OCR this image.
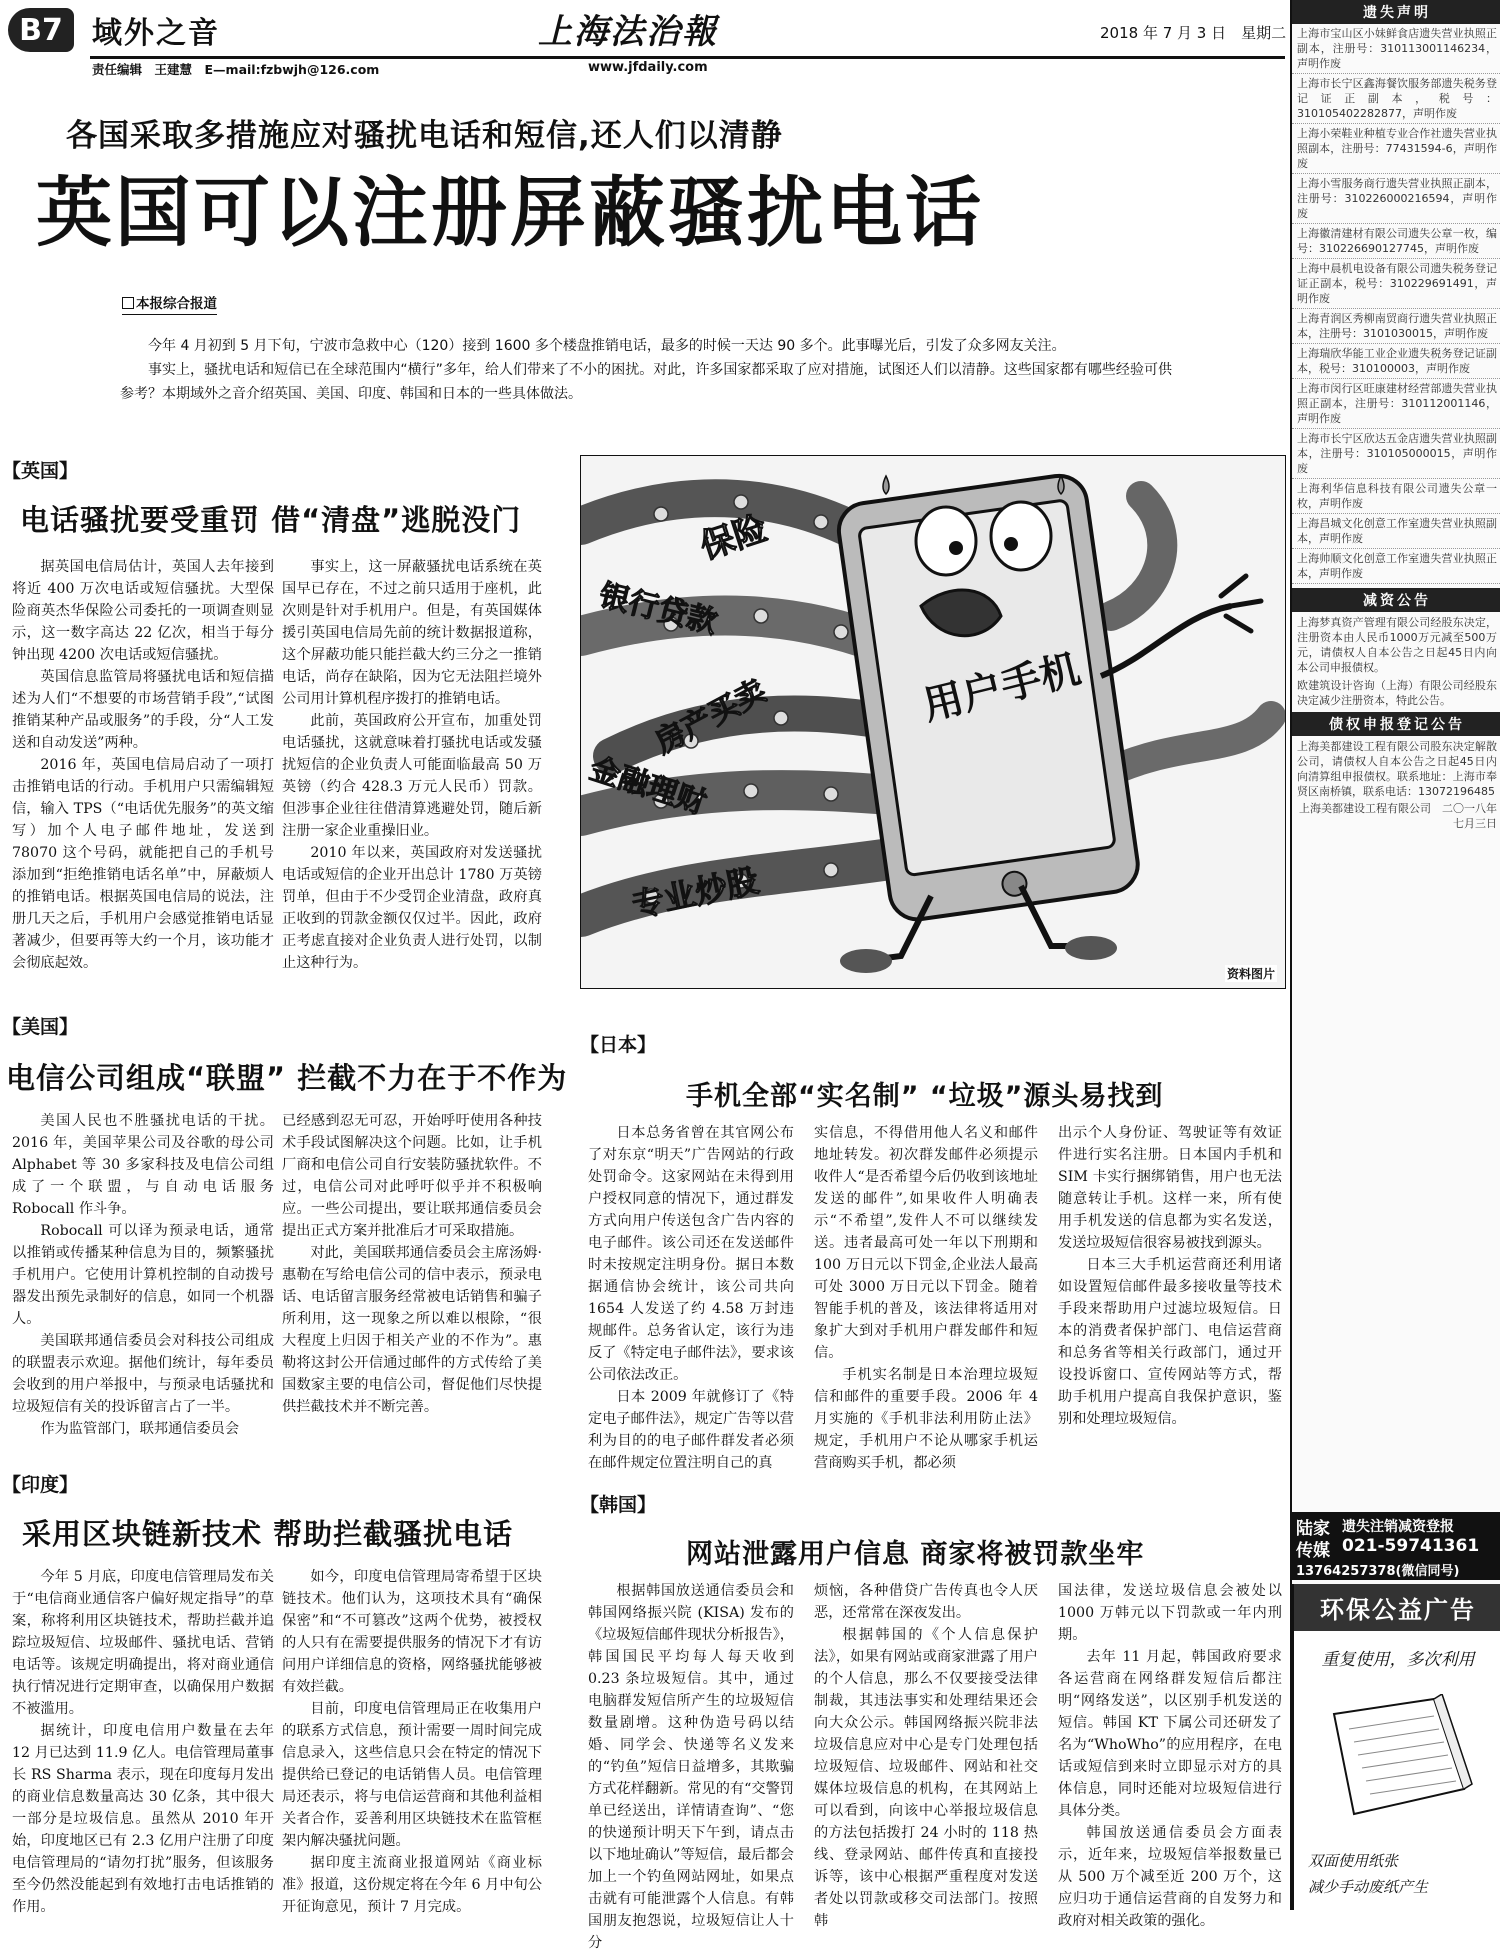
B7 域外之音	上海法治報	2018 年 7 月 3 日　星期二
责任编辑　王建慧　E—mail:fzbwjh@126.com	www.jfdaily.com
各国采取多措施应对骚扰电话和短信,还人们以清静
英国可以注册屏蔽骚扰电话
本报综合报道

今年 4 月初到 5 月下旬，宁波市急救中心（120）接到 1600 多个楼盘推销电话，最多的时候一天达 90 多个。此事曝光后，引发了众多网友关注。

事实上，骚扰电话和短信已在全球范围内“横行”多年，给人们带来了不小的困扰。对此，许多国家都采取了应对措施，试图还人们以清静。这些国家都有哪些经验可供参考？本期域外之音介绍英国、美国、印度、韩国和日本的一些具体做法。

【英国】
电话骚扰要受重罚 借“清盘”逃脱没门

据英国电信局估计，英国人去年接到将近 400 万次电话或短信骚扰。大型保险商英杰华保险公司委托的一项调查则显示，这一数字高达 22 亿次，相当于每分钟出现 4200 次电话或短信骚扰。

英国信息监管局将骚扰电话和短信描述为人们“不想要的市场营销手段”,“试图推销某种产品或服务”的手段，分“人工发送和自动发送”两种。

2016 年，英国电信局启动了一项打击推销电话的行动。手机用户只需编辑短信，输入 TPS（“电话优先服务”的英文缩写）加个人电子邮件地址，发送到 78070 这个号码，就能把自己的手机号添加到“拒绝推销电话名单”中，屏蔽烦人的推销电话。根据英国电信局的说法，注册几天之后，手机用户会感觉推销电话显著减少，但要再等大约一个月，该功能才会彻底起效。

事实上，这一屏蔽骚扰电话系统在英国早已存在，不过之前只适用于座机，此次则是针对手机用户。但是，有英国媒体援引英国电信局先前的统计数据报道称，这个屏蔽功能只能拦截大约三分之一推销电话，尚存在缺陷，因为它无法阻拦境外公司用计算机程序拨打的推销电话。

此前，英国政府公开宣布，加重处罚电话骚扰，这就意味着打骚扰电话或发骚扰短信的企业负责人可能面临最高 50 万英镑（约合 428.3 万元人民币）罚款。但涉事企业往往借清算逃避处罚，随后新注册一家企业重操旧业。

2010 年以来，英国政府对发送骚扰电话或短信的企业开出总计 1780 万英镑罚单，但由于不少受罚企业清盘，政府真正收到的罚款金额仅仅过半。因此，政府正考虑直接对企业负责人进行处罚，以制止这种行为。

保险
银行贷款
房产买卖
金融理财
专业炒股
用户手机
资料图片
【美国】
电信公司组成“联盟” 拦截不力在于不作为

美国人民也不胜骚扰电话的干扰。2016 年，美国苹果公司及谷歌的母公司 Alphabet 等 30 多家科技及电信公司组成了一个联盟，与自动电话服务 Robocall 作斗争。

Robocall 可以译为预录电话，通常以推销或传播某种信息为目的，频繁骚扰手机用户。它使用计算机控制的自动拨号器发出预先录制好的信息，如同一个机器人。

美国联邦通信委员会对科技公司组成的联盟表示欢迎。据他们统计，每年委员会收到的用户举报中，与预录电话骚扰和垃圾短信有关的投诉留言占了一半。

作为监管部门，联邦通信委员会

已经感到忍无可忍，开始呼吁使用各种技术手段试图解决这个问题。比如，让手机厂商和电信公司自行安装防骚扰软件。不过，电信公司对此呼吁似乎并不积极响应。一些公司提出，要让联邦通信委员会提出正式方案并批准后才可采取措施。

对此，美国联邦通信委员会主席汤姆·惠勒在写给电信公司的信中表示，预录电话、电话留言服务经常被电话销售和骗子所利用，这一现象之所以难以根除，“很大程度上归因于相关产业的不作为”。惠勒将这封公开信通过邮件的方式传给了美国数家主要的电信公司，督促他们尽快提供拦截技术并不断完善。

【日本】
手机全部“实名制” “垃圾”源头易找到

日本总务省曾在其官网公布了对东京“明天”广告网站的行政处罚命令。这家网站在未得到用户授权同意的情况下，通过群发方式向用户传送包含广告内容的电子邮件。该公司还在发送邮件时未按规定注明身份。据日本数据通信协会统计，该公司共向 1654 人发送了约 4.58 万封违规邮件。总务省认定，该行为违反了《特定电子邮件法》，要求该公司依法改正。

日本 2009 年就修订了《特定电子邮件法》，规定广告等以营利为目的的电子邮件群发者必须在邮件规定位置注明自己的真

实信息，不得借用他人名义和邮件地址转发。初次群发邮件必须提示收件人“是否希望今后仍收到该地址发送的邮件”,如果收件人明确表示“不希望”,发件人不可以继续发送。违者最高可处一年以下刑期和 100 万日元以下罚金,企业法人最高可处 3000 万日元以下罚金。随着智能手机的普及，该法律将适用对象扩大到对手机用户群发邮件和短信。

手机实名制是日本治理垃圾短信和邮件的重要手段。2006 年 4 月实施的《手机非法利用防止法》规定，手机用户不论从哪家手机运营商购买手机，都必须

出示个人身份证、驾驶证等有效证件进行实名注册。日本国内手机和 SIM 卡实行捆绑销售，用户也无法随意转让手机。这样一来，所有使用手机发送的信息都为实名发送，发送垃圾短信很容易被找到源头。

日本三大手机运营商还利用诸如设置短信邮件最多接收量等技术手段来帮助用户过滤垃圾短信。日本的消费者保护部门、电信运营商和总务省等相关行政部门，通过开设投诉窗口、宣传网站等方式，帮助手机用户提高自我保护意识，鉴别和处理垃圾短信。

【印度】
采用区块链新技术 帮助拦截骚扰电话

今年 5 月底，印度电信管理局发布关于“电信商业通信客户偏好规定指导”的草案，称将利用区块链技术，帮助拦截并追踪垃圾短信、垃圾邮件、骚扰电话、营销电话等。该规定明确提出，将对商业通信执行情况进行定期审查，以确保用户数据不被滥用。

据统计，印度电信用户数量在去年 12 月已达到 11.9 亿人。电信管理局董事长 RS Sharma 表示，现在印度每月发出的商业信息数量高达 30 亿条，其中很大一部分是垃圾信息。虽然从 2010 年开始，印度地区已有 2.3 亿用户注册了印度电信管理局的“请勿打扰”服务，但该服务至今仍然没能起到有效地打击电话推销的作用。

如今，印度电信管理局寄希望于区块链技术。他们认为，这项技术具有“确保保密”和“不可篡改”这两个优势，被授权的人只有在需要提供服务的情况下才有访问用户详细信息的资格，网络骚扰能够被有效拦截。

目前，印度电信管理局正在收集用户的联系方式信息，预计需要一周时间完成信息录入，这些信息只会在特定的情况下提供给已登记的电话销售人员。电信管理局还表示，将与电信运营商和其他利益相关者合作，妥善利用区块链技术在监管框架内解决骚扰问题。

据印度主流商业报道网站《商业标准》报道，这份规定将在今年 6 月中旬公开征询意见，预计 7 月完成。

【韩国】
网站泄露用户信息 商家将被罚款坐牢

根据韩国放送通信委员会和韩国网络振兴院 (KISA) 发布的《垃圾短信邮件现状分析报告》，韩国国民平均每人每天收到 0.23 条垃圾短信。其中，通过电脑群发短信所产生的垃圾短信数量剧增。这种伪造号码以结婚、同学会、快递等名义发来的“钓鱼”短信日益增多，其欺骗方式花样翻新。常见的有“交警罚单已经送出，详情请查询”、“您的快递预计明天下午到，请点击以下地址确认”等短信，最后都会加上一个钓鱼网站网址，如果点击就有可能泄露个人信息。有韩国朋友抱怨说，垃圾短信让人十分

烦恼，各种借贷广告传真也令人厌恶，还常常在深夜发出。

根据韩国的《个人信息保护法》，如果有网站或商家泄露了用户的个人信息，那么不仅要接受法律制裁，其违法事实和处理结果还会向大众公示。韩国网络振兴院非法垃圾信息应对中心是专门处理包括垃圾短信、垃圾邮件、网站和社交媒体垃圾信息的机构，在其网站上可以看到，向该中心举报垃圾信息的方法包括拨打 24 小时的 118 热线、登录网站、邮件传真和直接投诉等，该中心根据严重程度对发送者处以罚款或移交司法部门。按照韩

国法律，发送垃圾信息会被处以 1000 万韩元以下罚款或一年内刑期。

去年 11 月起，韩国政府要求各运营商在网络群发短信后都注明“网络发送”，以区别手机发送的短信。韩国 KT 下属公司还研发了名为“WhoWho”的应用程序，在电话或短信到来时立即显示对方的具体信息，同时还能对垃圾短信进行具体分类。

韩国放送通信委员会方面表示，近年来，垃圾短信举报数量已从 500 万个减至近 200 万个，这应归功于通信运营商的自发努力和政府对相关政策的强化。

遗失声明
上海市宝山区小妹鲜食店遗失营业执照正副本，注册号：310113001146234，声明作废
上海市长宁区鑫海餐饮服务部遗失税务登记证正副本，税号：310105402282877，声明作废
上海小荣鞋业种植专业合作社遗失营业执照副本，注册号：77431594-6，声明作废
上海小雪服务商行遗失营业执照正副本，注册号：310226000216594，声明作废
上海徽清建材有限公司遗失公章一枚，编号：310226690127745，声明作废
上海中晨机电设备有限公司遗失税务登记证正副本，税号：310229691491，声明作废
上海青润区秀柳南贸商行遗失营业执照正本，注册号：3101030015，声明作废
上海瑞欣华能工业企业遗失税务登记证副本，税号：310100003，声明作废
上海市闵行区旺康建材经营部遗失营业执照正副本，注册号：310112001146，声明作废
上海市长宁区欣达五金店遗失营业执照副本，注册号：310105000015，声明作废
上海利华信息科技有限公司遗失公章一枚，声明作废
上海昌城文化创意工作室遗失营业执照副本，声明作废
上海帅顺文化创意工作室遗失营业执照正本，声明作废
减资公告
上海梦真资产管理有限公司经股东决定，注册资本由人民币1000万元减至500万元，请债权人自本公告之日起45日内向本公司申报债权。
欧建筑设计咨询（上海）有限公司经股东决定减少注册资本，特此公告。
债权申报登记公告
上海美都建设工程有限公司股东决定解散公司，请债权人自本公告之日起45日内向清算组申报债权。联系地址：上海市奉贤区南桥镇，联系电话：13072196485
上海美都建设工程有限公司　二〇一八年七月三日
陆家 传媒
遗失注销减资登报
021-59741361
13764257378(微信同号)
环保公益广告
重复使用，多次利用
双面使用纸张
减少手动废纸产生
